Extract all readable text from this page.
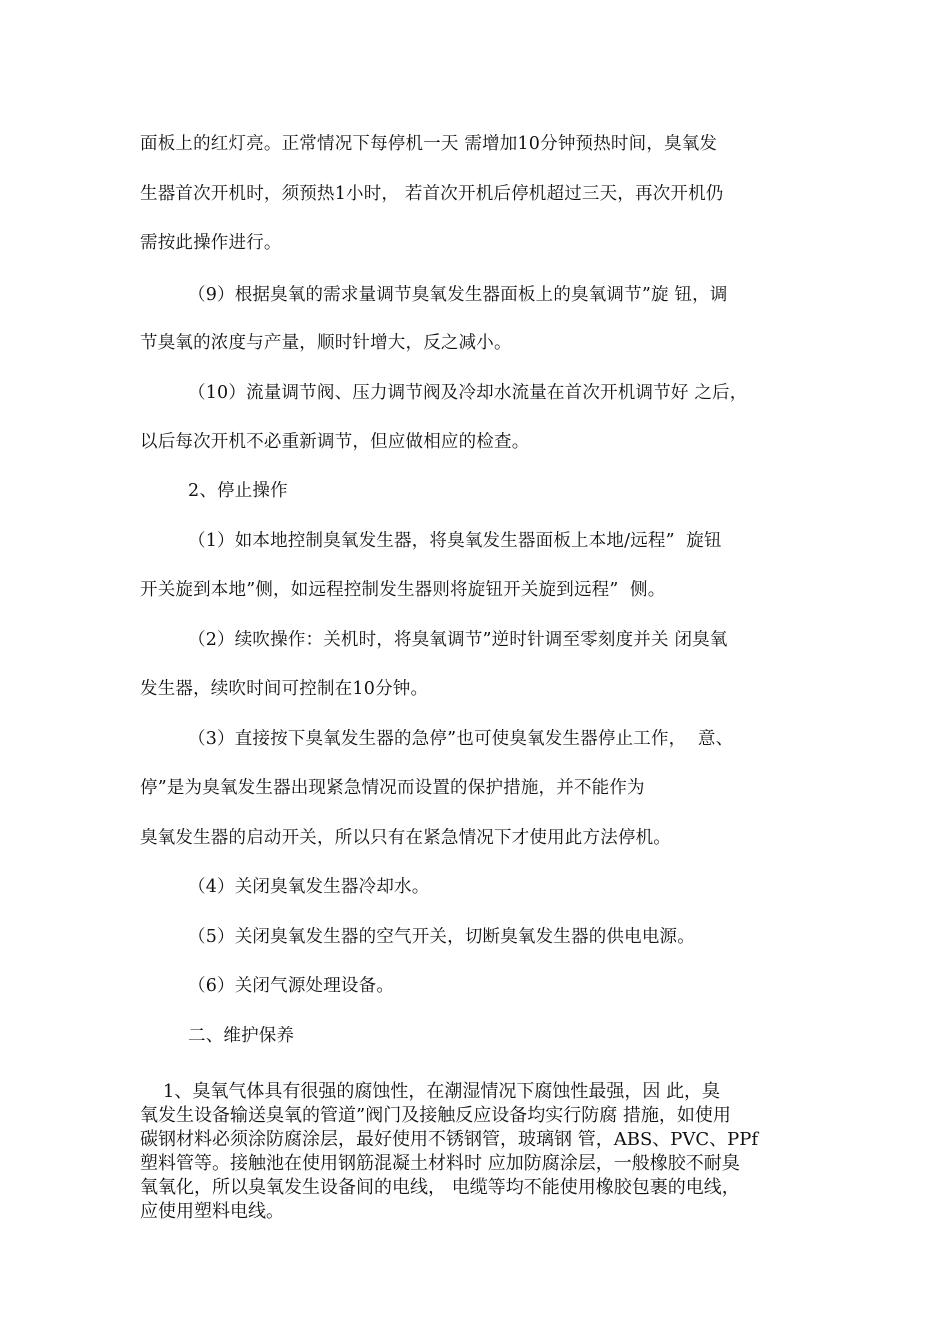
面板上的红灯亮。正常情况下每停机一天 需增加10分钟预热时间，臭氧发
生器首次开机时，须预热1小时， 若首次开机后停机超过三天，再次开机仍
需按此操作进行。
（9）根据臭氧的需求量调节臭氧发生器面板上的臭氧调节”旋 钮，调
节臭氧的浓度与产量，顺时针增大，反之减小。
（10）流量调节阀、压力调节阀及冷却水流量在首次开机调节好 之后，
以后每次开机不必重新调节，但应做相应的检查。
2、停止操作
（1）如本地控制臭氧发生器，将臭氧发生器面板上本地/远程”  旋钮
开关旋到本地”侧，如远程控制发生器则将旋钮开关旋到远程”  侧。
（2）续吹操作：关机时，将臭氧调节”逆时针调至零刻度并关 闭臭氧
发生器，续吹时间可控制在10分钟。
（3）直接按下臭氧发生器的急停”也可使臭氧发生器停止工作，  意、
停”是为臭氧发生器出现紧急情况而设置的保护措施，并不能作为
臭氧发生器的启动开关，所以只有在紧急情况下才使用此方法停机。
（4）关闭臭氧发生器冷却水。
（5）关闭臭氧发生器的空气开关，切断臭氧发生器的供电电源。
（6）关闭气源处理设备。
二、维护保养
1、臭氧气体具有很强的腐蚀性，在潮湿情况下腐蚀性最强，因 此，臭
氧发生设备输送臭氧的管道”阀门及接触反应设备均实行防腐 措施，如使用
碳钢材料必须涂防腐涂层，最好使用不锈钢管，玻璃钢 管，ABS、PVC、PPf
塑料管等。接触池在使用钢筋混凝土材料时 应加防腐涂层，一般橡胶不耐臭
氧氧化，所以臭氧发生设备间的电线， 电缆等均不能使用橡胶包裹的电线，
应使用塑料电线。
